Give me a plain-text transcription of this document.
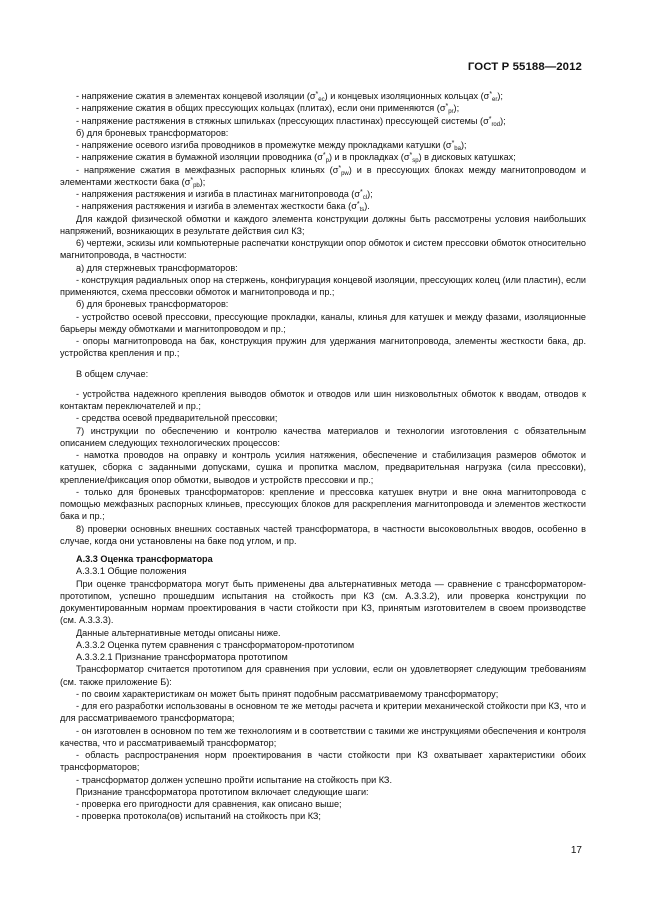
ГОСТ Р 55188—2012

- напряжение сжатия в элементах концевой изоляции $(\sigma^*_{ec})$ и концевых изоляционных кольцах $(\sigma^*_{er})$;

- напряжение сжатия в общих прессующих кольцах (плитах), если они применяются $(\sigma^*_{pr})$;

- напряжение растяжения в стяжных шпильках (прессующих пластинах) прессующей системы $(\sigma^*_{rod})$;

б) для броневых трансформаторов:

- напряжение осевого изгиба проводников в промежутке между прокладками катушки $(\sigma^*_{ba})$;

- напряжение сжатия в бумажной изоляции проводника $(\sigma^*_p)$ и в прокладках $(\sigma^*_{sp})$ в дисковых катушках;

- напряжение сжатия в межфазных распорных клиньях $(\sigma^*_{pw})$ и в прессующих блоках между магнитопроводом и элементами жесткости бака $(\sigma^*_{pb})$;

- напряжения растяжения и изгиба в пластинах магнитопровода $(\sigma^*_{cl})$;

- напряжения растяжения и изгиба в элементах жесткости бака $(\sigma^*_{ts})$.

Для каждой физической обмотки и каждого элемента конструкции должны быть рассмотрены условия наибольших напряжений, возникающих в результате действия сил КЗ;

6) чертежи, эскизы или компьютерные распечатки конструкции опор обмоток и систем прессовки обмоток относительно магнитопровода, в частности:

а) для стержневых трансформаторов:

- конструкция радиальных опор на стержень, конфигурация концевой изоляции, прессующих колец (или пластин), если применяются, схема прессовки обмоток и магнитопровода и пр.;

б) для броневых трансформаторов:

- устройство осевой прессовки, прессующие прокладки, каналы, клинья для катушек и между фазами, изоляционные барьеры между обмотками и магнитопроводом и пр.;

- опоры магнитопровода на бак, конструкция пружин для удержания магнитопровода, элементы жесткости бака, др. устройства крепления и пр.;

В общем случае:

- устройства надежного крепления выводов обмоток и отводов или шин низковольтных обмоток к вводам, отводов к контактам переключателей и пр.;

- средства осевой предварительной прессовки;

7) инструкции по обеспечению и контролю качества материалов и технологии изготовления с обязательным описанием следующих технологических процессов:

- намотка проводов на оправку и контроль усилия натяжения, обеспечение и стабилизация размеров обмоток и катушек, сборка с заданными допусками, сушка и пропитка маслом, предварительная нагрузка (сила прессовки), креплениe/фиксация опор обмотки, выводов и устройств прессовки и пр.;

- только для броневых трансформаторов: крепление и прессовка катушек внутри и вне окна магнитопровода с помощью межфазных распорных клиньев, прессующих блоков для раскрепления магнитопровода и элементов жесткости бака и пр.;

8) проверки основных внешних составных частей трансформатора, в частности высоковольтных вводов, особенно в случае, когда они установлены на баке под углом, и пр.

А.3.3 Оценка трансформатора

А.3.3.1 Общие положения

При оценке трансформатора могут быть применены два альтернативных метода — сравнение с трансформатором-прототипом, успешно прошедшим испытания на стойкость при КЗ (см. А.3.3.2), или проверка конструкции по документированным нормам проектирования в части стойкости при КЗ, принятым изготовителем в своем производстве (см. А.3.3.3).

Данные альтернативные методы описаны ниже.

А.3.3.2 Оценка путем сравнения с трансформатором-прототипом

А.3.3.2.1 Признание трансформатора прототипом

Трансформатор считается прототипом для сравнения при условии, если он удовлетворяет следующим требованиям (см. также приложение Б):

- по своим характеристикам он может быть принят подобным рассматриваемому трансформатору;

- для его разработки использованы в основном те же методы расчета и критерии механической стойкости при КЗ, что и для рассматриваемого трансформатора;

- он изготовлен в основном по тем же технологиям и в соответствии с такими же инструкциями обеспечения и контроля качества, что и рассматриваемый трансформатор;

- область распространения норм проектирования в части стойкости при КЗ охватывает характеристики обоих трансформаторов;

- трансформатор должен успешно пройти испытание на стойкость при КЗ.

Признание трансформатора прототипом включает следующие шаги:

- проверка его пригодности для сравнения, как описано выше;

- проверка протокола(ов) испытаний на стойкость при КЗ;

17
